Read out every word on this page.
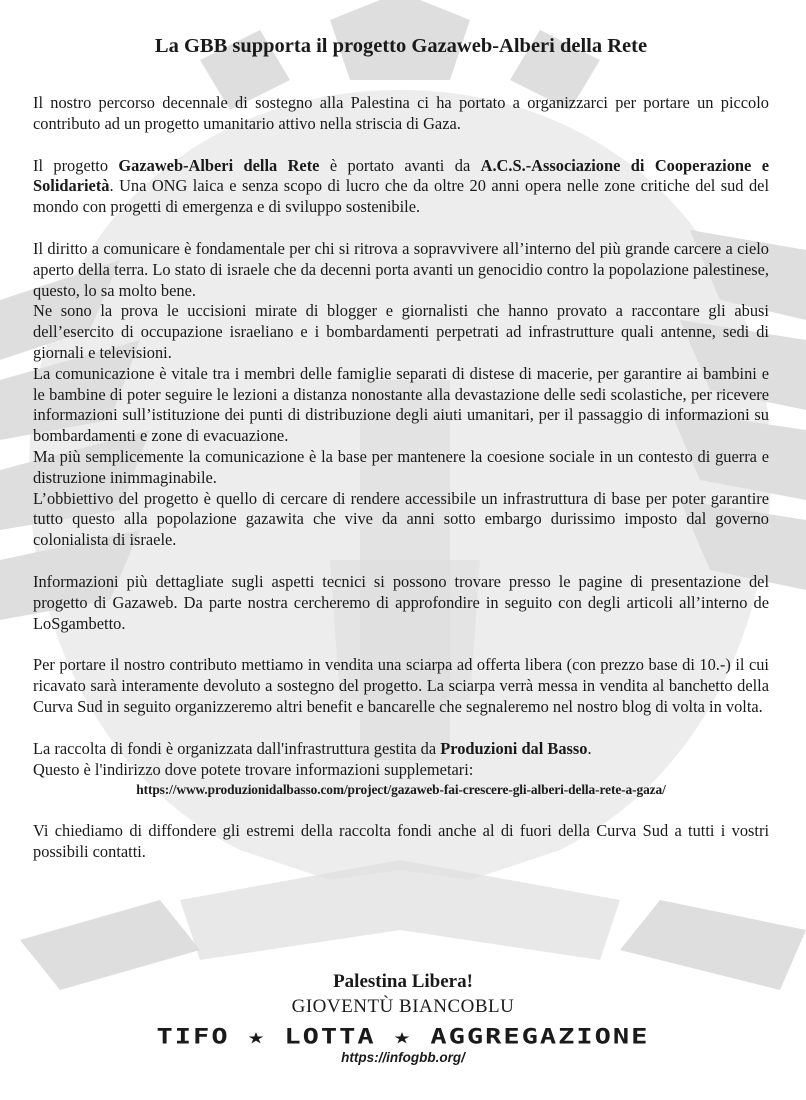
La GBB supporta il progetto Gazaweb-Alberi della Rete

Il nostro percorso decennale di sostegno alla Palestina ci ha portato a organizzarci per portare un piccolo contributo ad un progetto umanitario attivo nella striscia di Gaza.

Il progetto Gazaweb-Alberi della Rete è portato avanti da A.C.S.-Associazione di Cooperazione e Solidarietà. Una ONG laica e senza scopo di lucro che da oltre 20 anni opera nelle zone critiche del sud del mondo con progetti di emergenza e di sviluppo sostenibile.

Il diritto a comunicare è fondamentale per chi si ritrova a sopravvivere all’interno del più grande carcere a cielo aperto della terra. Lo stato di israele che da decenni porta avanti un genocidio contro la popolazione palestinese, questo, lo sa molto bene.

Ne sono la prova le uccisioni mirate di blogger e giornalisti che hanno provato a raccontare gli abusi dell’esercito di occupazione israeliano e i bombardamenti perpetrati ad infrastrutture quali antenne, sedi di giornali e televisioni.

La comunicazione è vitale tra i membri delle famiglie separati di distese di macerie, per garantire ai bambini e le bambine di poter seguire le lezioni a distanza nonostante alla devastazione delle sedi scolastiche, per ricevere informazioni sull’istituzione dei punti di distribuzione degli aiuti umanitari, per il passaggio di informazioni su bombardamenti e zone di evacuazione.

Ma più semplicemente la comunicazione è la base per mantenere la coesione sociale in un contesto di guerra e distruzione inimmaginabile.

L’obbiettivo del progetto è quello di cercare di rendere accessibile un infrastruttura di base per poter garantire tutto questo alla popolazione gazawita che vive da anni sotto embargo durissimo imposto dal governo colonialista di israele.

Informazioni più dettagliate sugli aspetti tecnici si possono trovare presso le pagine di presentazione del progetto di Gazaweb. Da parte nostra cercheremo di approfondire in seguito con degli articoli all’interno de LoSgambetto.

Per portare il nostro contributo mettiamo in vendita una sciarpa ad offerta libera (con prezzo base di 10.-) il cui ricavato sarà interamente devoluto a sostegno del progetto. La sciarpa verrà messa in vendita al banchetto della Curva Sud in seguito organizzeremo altri benefit e bancarelle che segnaleremo nel nostro blog di volta in volta.

La raccolta di fondi è organizzata dall'infrastruttura gestita da Produzioni dal Basso.

Questo è l'indirizzo dove potete trovare informazioni supplemetari:

https://www.produzionidalbasso.com/project/gazaweb-fai-crescere-gli-alberi-della-rete-a-gaza/

Vi chiediamo di diffondere gli estremi della raccolta fondi anche al di fuori della Curva Sud a tutti i vostri possibili contatti.

Palestina Libera!
GIOVENTÙ BIANCOBLU
TIFO ★ LOTTA ★ AGGREGAZIONE
https://infogbb.org/
